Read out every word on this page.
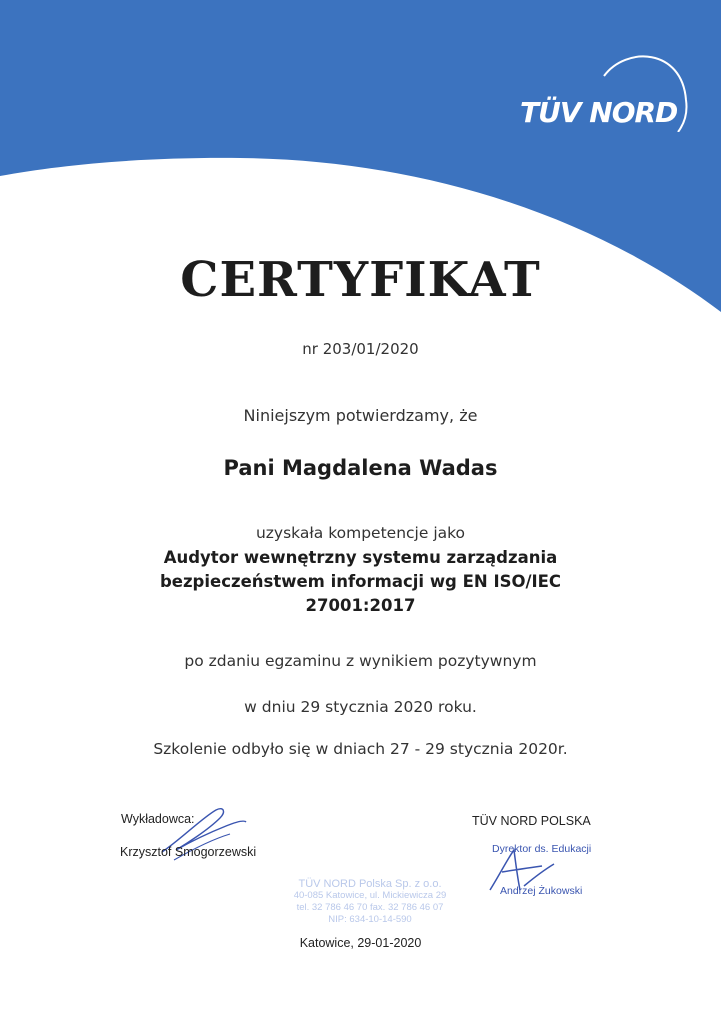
TÜV NORD
CERTYFIKAT
nr 203/01/2020
Niniejszym potwierdzamy, że
Pani Magdalena Wadas
uzyskała kompetencje jako
Audytor wewnętrzny systemu zarządzania
bezpieczeństwem informacji wg EN ISO/IEC
27001:2017
po zdaniu egzaminu z wynikiem pozytywnym
w dniu 29 stycznia 2020 roku.
Szkolenie odbyło się w dniach 27 - 29 stycznia 2020r.
Wykładowca:
Krzysztof Smogorzewski
TÜV NORD POLSKA
Dyrektor ds. Edukacji
Andrzej Żukowski
TÜV NORD Polska Sp. z o.o.
40-085 Katowice, ul. Mickiewicza 29
tel. 32 786 46 70 fax. 32 786 46 07
NIP: 634-10-14-590
Katowice, 29-01-2020
